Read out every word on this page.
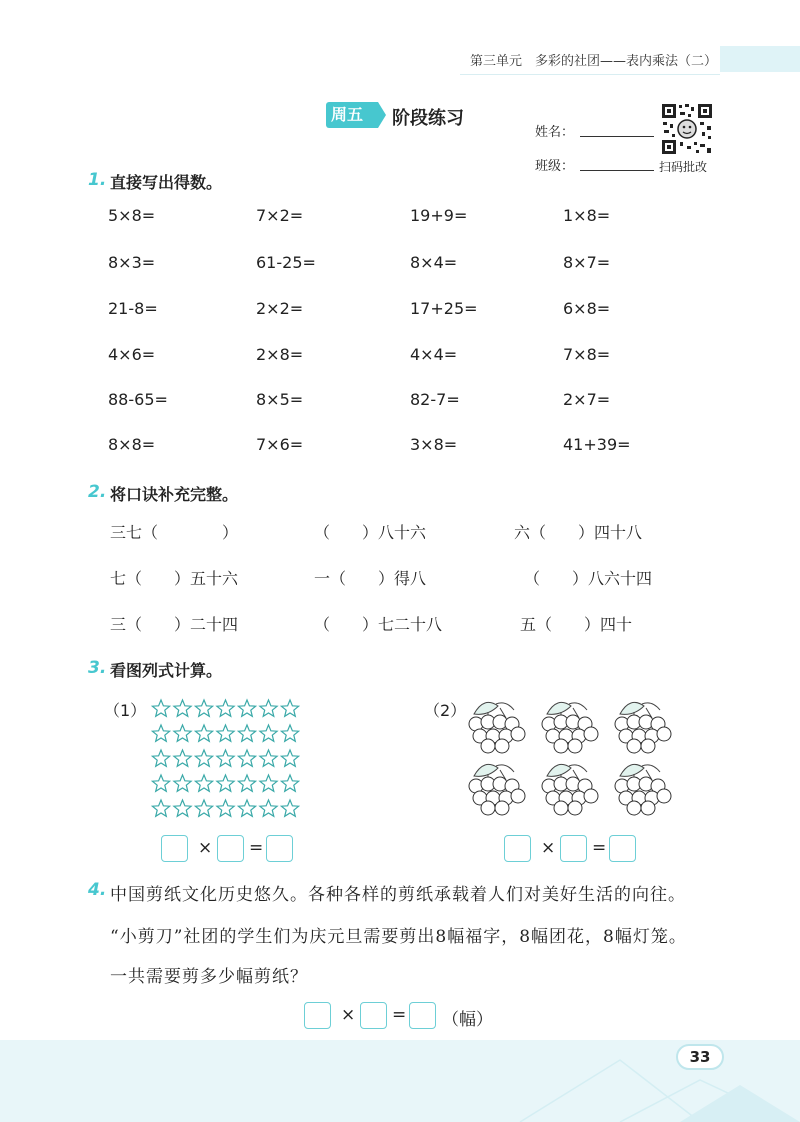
第三单元　多彩的社团——表内乘法（二）
周五	阶段练习
姓名：
班级：	扫码批改
1. 直接写出得数。
5×8=	7×2=	19+9=	1×8=
8×3=	61-25=	8×4=	8×7=
21-8=	2×2=	17+25=	6×8=
4×6=	2×8=	4×4=	7×8=
88-65=	8×5=	82-7=	2×7=
8×8=	7×6=	3×8=	41+39=
2. 将口诀补充完整。
三七（　　　　）	（　　）八十六	六（　　）四十八
七（　　）五十六	一（　　）得八	（　　）八六十四
三（　　）二十四	（　　）七二十八	五（　　）四十
3. 看图列式计算。
（1）
× =
（2）
× =
4. 中国剪纸文化历史悠久。各种各样的剪纸承载着人们对美好生活的向往。
“小剪刀”社团的学生们为庆元旦需要剪出8幅福字，8幅团花，8幅灯笼。
一共需要剪多少幅剪纸？
× = （幅）
33
